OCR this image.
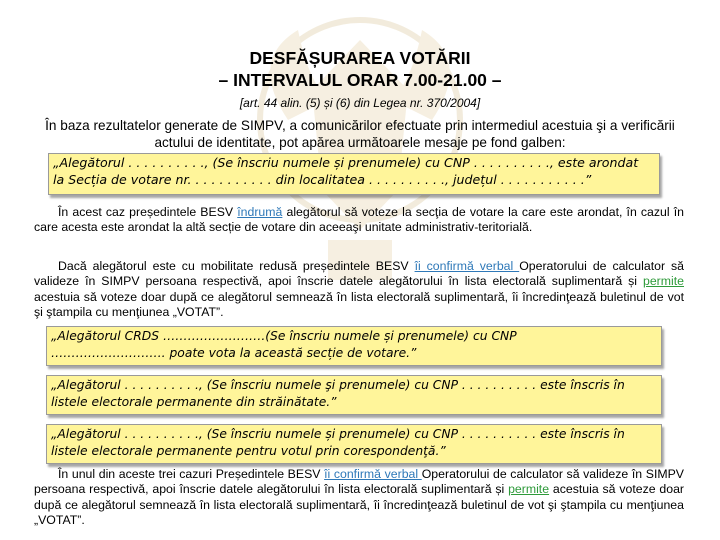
DESFĂȘURAREA VOTĂRII
– INTERVALUL ORAR 7.00-21.00 –
[art. 44 alin. (5) și (6) din Legea nr. 370/2004]
În baza rezultatelor generate de SIMPV, a comunicărilor efectuate prin intermediul acestuia şi a verificării actului de identitate, pot apărea următoarele mesaje pe fond galben:
„Alegătorul . . . . . . . . . ., (Se înscriu numele și prenumele) cu CNP . . . . . . . . . ., este arondat
la Secția de votare nr. . . . . . . . . . . din localitatea . . . . . . . . . ., județul . . . . . . . . . . .”
În acest caz președintele BESV îndrumă alegătorul să voteze la secţia de votare la care este arondat, în cazul în care acesta este arondat la altă secție de votare din aceeaşi unitate administrativ-teritorială.
Dacă alegătorul este cu mobilitate redusă președintele BESV îi confirmă verbal Operatorului de calculator să valideze în SIMPV persoana respectivă, apoi înscrie datele alegătorului în lista electorală suplimentară și permite acestuia să voteze doar după ce alegătorul semnează în lista electorală suplimentară, îi încredinţează buletinul de vot şi ştampila cu menţiunea „VOTAT”.
„Alegătorul CRDS …………………….(Se înscriu numele și prenumele) cu CNP
………………………. poate vota la această secție de votare.”
„Alegătorul . . . . . . . . . ., (Se înscriu numele şi prenumele) cu CNP . . . . . . . . . . este înscris în
listele electorale permanente din străinătate.”
„Alegătorul . . . . . . . . . ., (Se înscriu numele și prenumele) cu CNP . . . . . . . . . . este înscris în
listele electorale permanente pentru votul prin corespondenţă.”
În unul din aceste trei cazuri Președintele BESV îi confirmă verbal Operatorului de calculator să valideze în SIMPV persoana respectivă, apoi înscrie datele alegătorului în lista electorală suplimentară și permite acestuia să voteze doar după ce alegătorul semnează în lista electorală suplimentară, îi încredinţează buletinul de vot şi ştampila cu menţiunea „VOTAT”.
